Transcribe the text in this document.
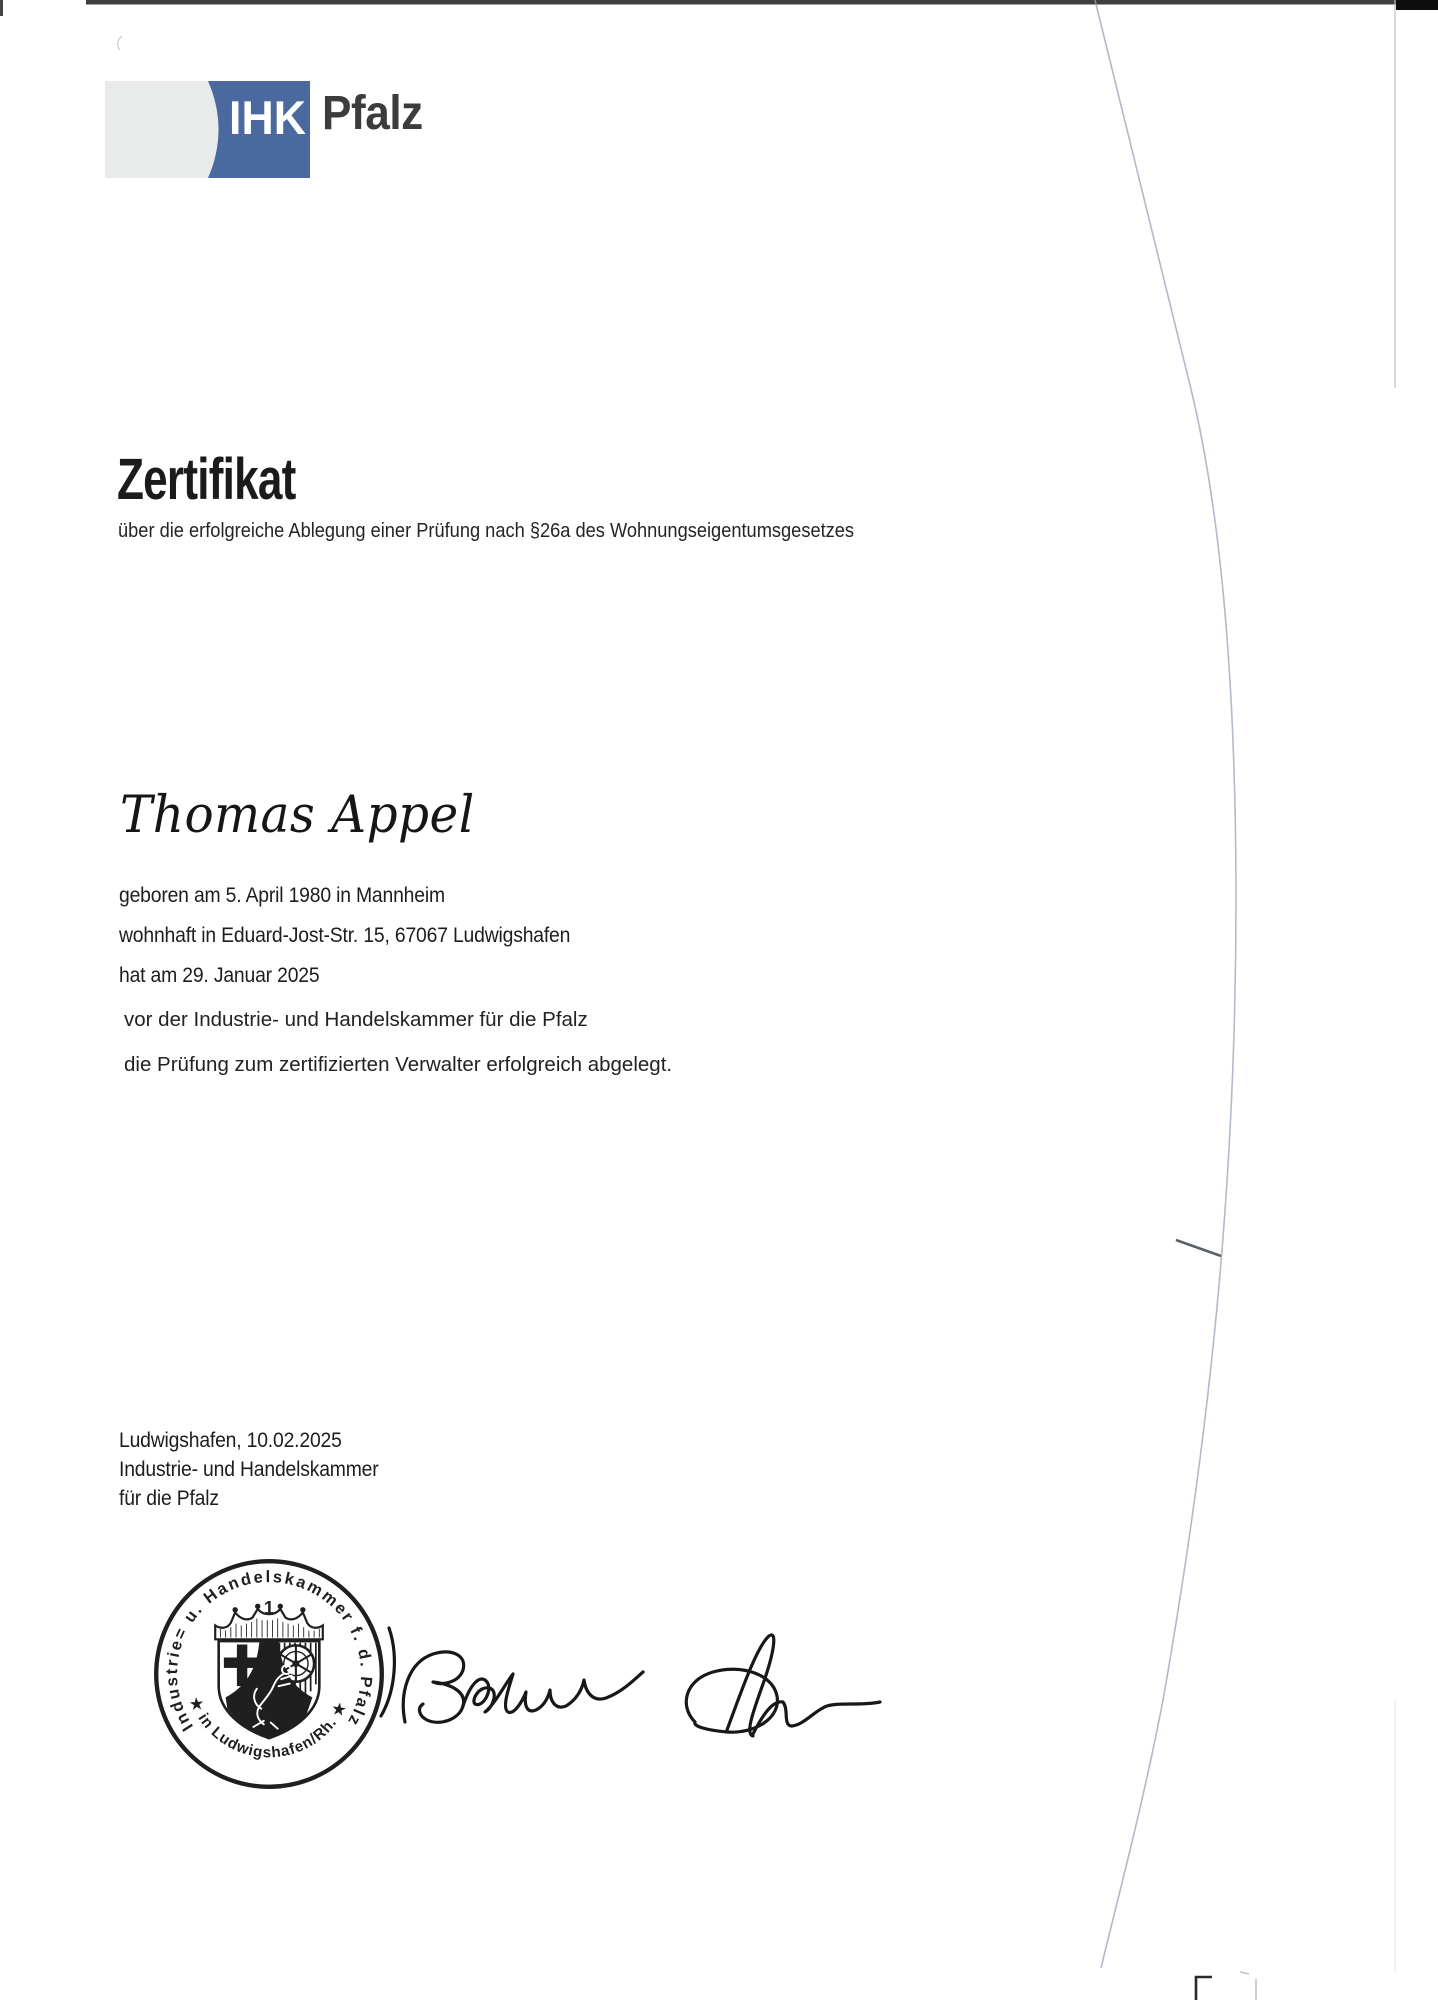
IHK Pfalz
Zertifikat
über die erfolgreiche Ablegung einer Prüfung nach §26a des Wohnungseigentumsgesetzes
Thomas Appel
geboren am 5. April 1980 in Mannheim
wohnhaft in Eduard-Jost-Str. 15, 67067 Ludwigshafen
hat am 29. Januar 2025
vor der Industrie- und Handelskammer für die Pfalz
die Prüfung zum zertifizierten Verwalter erfolgreich abgelegt.
Ludwigshafen, 10.02.2025
Industrie- und Handelskammer
für die Pfalz
Industrie= u. Handelskammer f. d. Pfalz
★ in Ludwigshafen/Rh. ★
1
